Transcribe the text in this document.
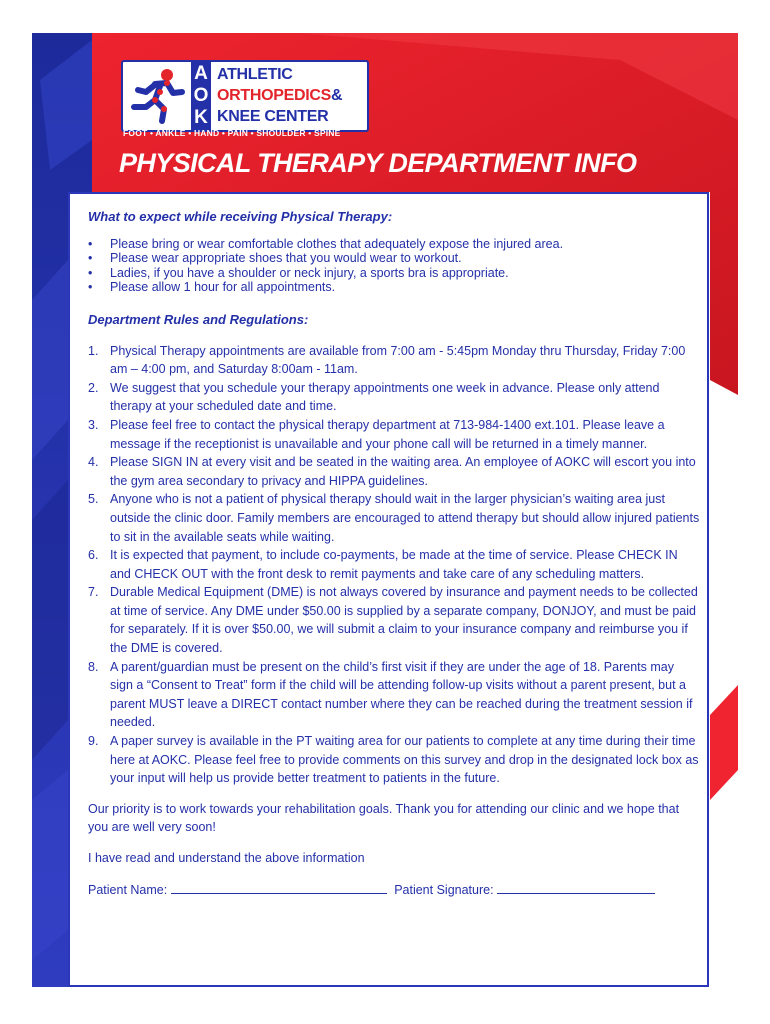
A
O
K
ATHLETIC
ORTHOPEDICS&
KNEE CENTER
FOOT • ANKLE • HAND • PAIN • SHOULDER • SPINE
PHYSICAL THERAPY DEPARTMENT INFO
What to expect while receiving Physical Therapy:
• Please bring or wear comfortable clothes that adequately expose the injured area.
• Please wear appropriate shoes that you would wear to workout.
• Ladies, if you have a shoulder or neck injury, a sports bra is appropriate.
• Please allow 1 hour for all appointments.
Department Rules and Regulations:
1. Physical Therapy appointments are available from 7:00 am - 5:45pm Monday thru Thursday, Friday 7:00 am – 4:00 pm, and Saturday 8:00am - 11am.
2. We suggest that you schedule your therapy appointments one week in advance. Please only attend therapy at your scheduled date and time.
3. Please feel free to contact the physical therapy department at 713-984-1400 ext.101. Please leave a message if the receptionist is unavailable and your phone call will be returned in a timely manner.
4. Please SIGN IN at every visit and be seated in the waiting area. An employee of AOKC will escort you into the gym area secondary to privacy and HIPPA guidelines.
5. Anyone who is not a patient of physical therapy should wait in the larger physician’s waiting area just outside the clinic door. Family members are encouraged to attend therapy but should allow injured patients to sit in the available seats while waiting.
6. It is expected that payment, to include co-payments, be made at the time of service. Please CHECK IN and CHECK OUT with the front desk to remit payments and take care of any scheduling matters.
7. Durable Medical Equipment (DME) is not always covered by insurance and payment needs to be collected at time of service. Any DME under $50.00 is supplied by a separate company, DONJOY, and must be paid for separately. If it is over $50.00, we will submit a claim to your insurance company and reimburse you if the DME is covered.
8. A parent/guardian must be present on the child’s first visit if they are under the age of 18. Parents may sign a “Consent to Treat” form if the child will be attending follow-up visits without a parent present, but a parent MUST leave a DIRECT contact number where they can be reached during the treatment session if needed.
9. A paper survey is available in the PT waiting area for our patients to complete at any time during their time here at AOKC. Please feel free to provide comments on this survey and drop in the designated lock box as your input will help us provide better treatment to patients in the future.

Our priority is to work towards your rehabilitation goals. Thank you for attending our clinic and we hope that you are well very soon!

I have read and understand the above information

Patient Name:	Patient Signature:
